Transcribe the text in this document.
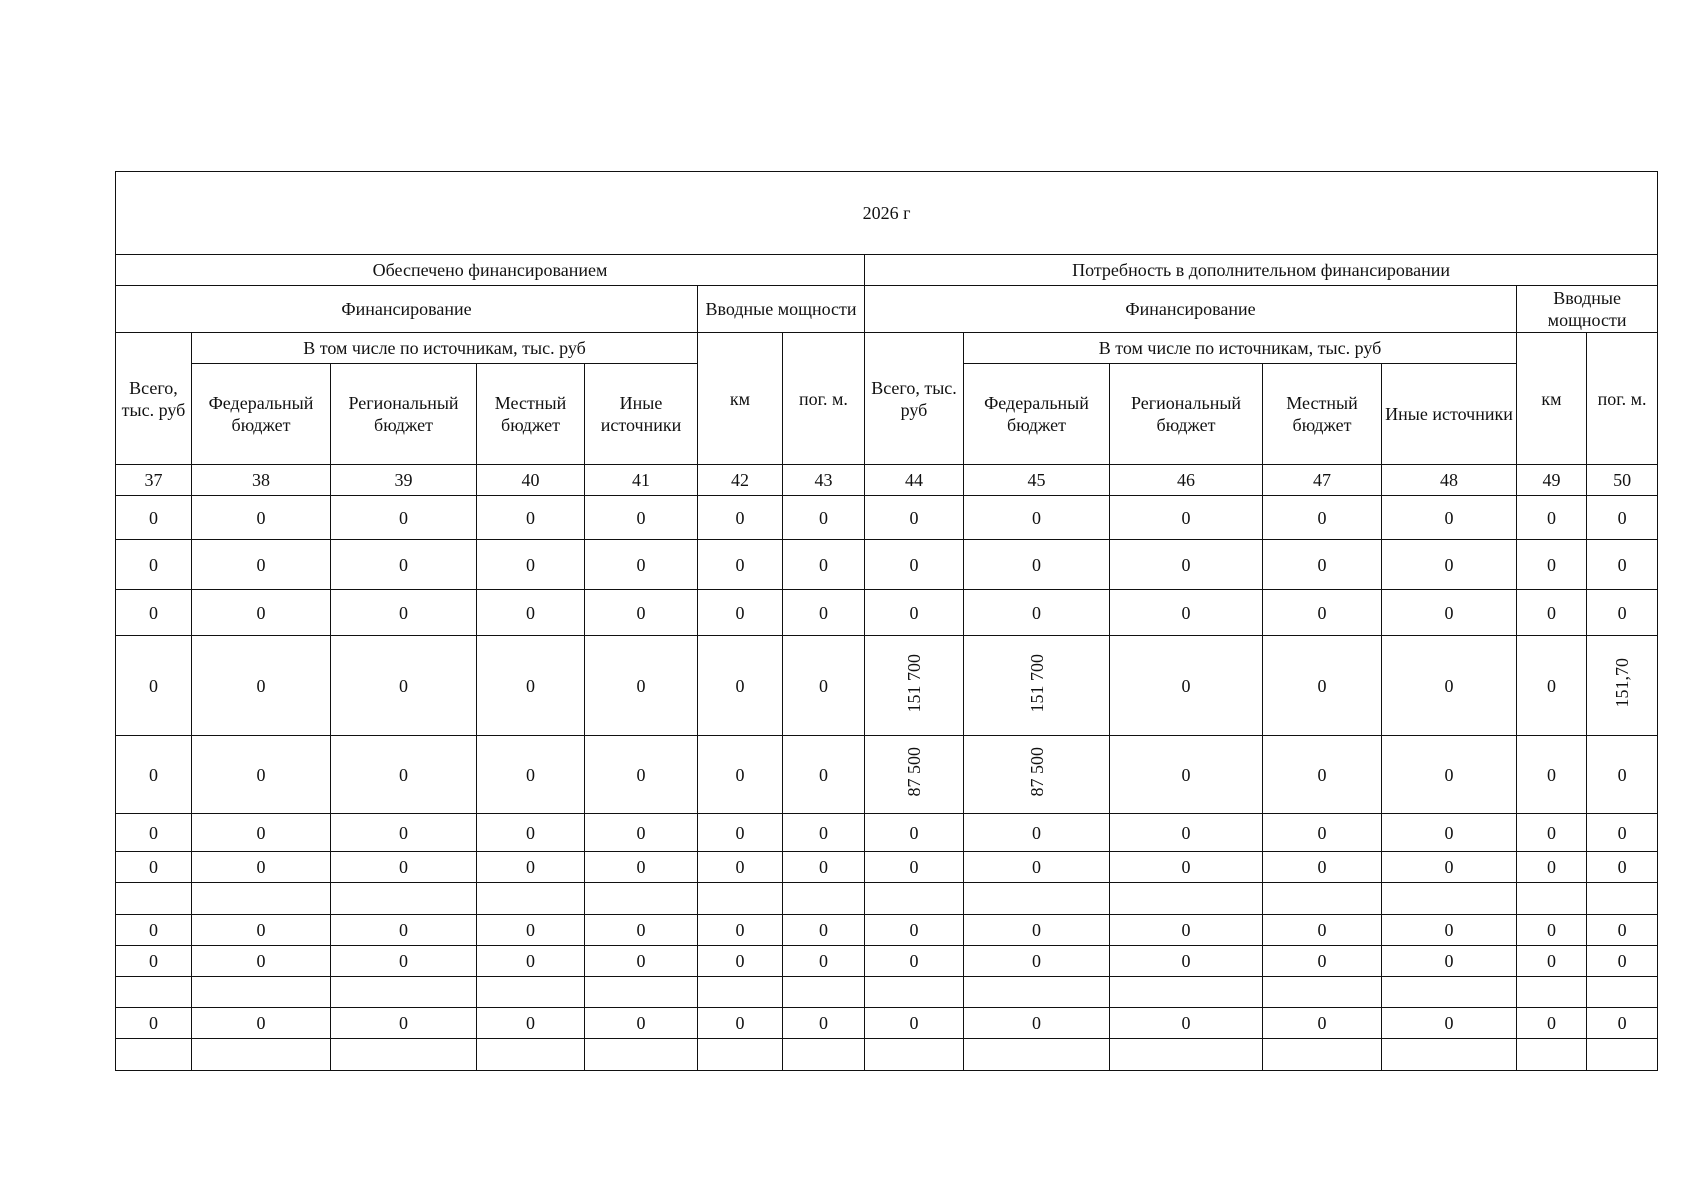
2026 г													
Обеспечено финансированием							Потребность в дополнительном финансировании						
Финансирование					Вводные мощности		Финансирование					Вводные мощности	
Всего, тыс. руб	В том числе по источникам, тыс. руб				км	пог. м.	Всего, тыс. руб	В том числе по источникам, тыс. руб				км	пог. м.
	Федеральный бюджет	Региональный бюджет	Местный бюджет	Иные источники				Федеральный бюджет	Региональный бюджет	Местный бюджет	Иные источники		
37	38	39	40	41	42	43	44	45	46	47	48	49	50
0	0	0	0	0	0	0	0	0	0	0	0	0	0
0	0	0	0	0	0	0	0	0	0	0	0	0	0
0	0	0	0	0	0	0	0	0	0	0	0	0	0
0	0	0	0	0	0	0	151 700	151 700	0	0	0	0	151,70
0	0	0	0	0	0	0	87 500	87 500	0	0	0	0	0
0	0	0	0	0	0	0	0	0	0	0	0	0	0
0	0	0	0	0	0	0	0	0	0	0	0	0	0

0	0	0	0	0	0	0	0	0	0	0	0	0	0
0	0	0	0	0	0	0	0	0	0	0	0	0	0

0	0	0	0	0	0	0	0	0	0	0	0	0	0
